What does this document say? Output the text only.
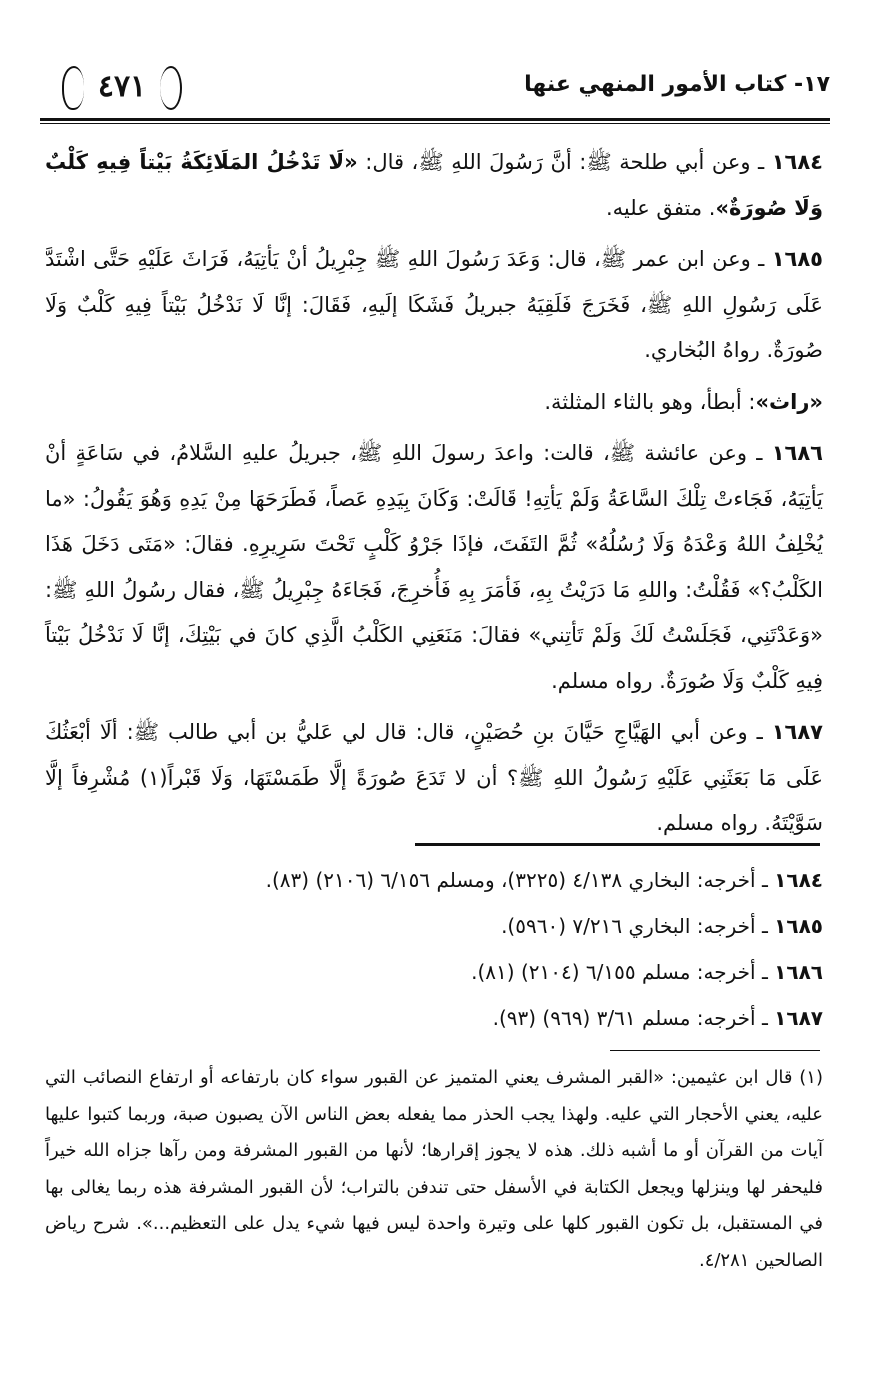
٤٧١	١٧- كتاب الأمور المنهي عنها

١٦٨٤ ـ وعن أبي طلحة ﷺ: أنَّ رَسُولَ اللهِ ﷺ، قال: «لَا تَدْخُلُ المَلَائِكَةُ بَيْتاً فِيهِ كَلْبٌ وَلَا صُورَةٌ». متفق عليه.

١٦٨٥ ـ وعن ابن عمر ﷺ، قال: وَعَدَ رَسُولَ اللهِ ﷺ جِبْرِيلُ أنْ يَأتِيَهُ، فَرَاثَ عَلَيْهِ حَتَّى اشْتَدَّ عَلَى رَسُولِ اللهِ ﷺ، فَخَرَجَ فَلَقِيَهُ جبريلُ فَشَكَا إلَيهِ، فَقَالَ: إنَّا لَا نَدْخُلُ بَيْتاً فِيهِ كَلْبٌ وَلَا صُورَةٌ. رواهُ البُخاري.

«راث»: أبطأ، وهو بالثاء المثلثة.

١٦٨٦ ـ وعن عائشة ﷺ، قالت: واعدَ رسولَ اللهِ ﷺ، جبريلُ عليهِ السَّلامُ، في سَاعَةٍ أنْ يَأتِيَهُ، فَجَاءتْ تِلْكَ السَّاعَةُ وَلَمْ يَأتِهِ! قَالَتْ: وَكَانَ بِيَدِهِ عَصاً، فَطَرَحَهَا مِنْ يَدِهِ وَهُوَ يَقُولُ: «ما يُخْلِفُ اللهُ وَعْدَهُ وَلَا رُسُلُهُ» ثُمَّ التَفَتَ، فإذَا جَرْوُ كَلْبٍ تَحْتَ سَرِيرِهِ. فقالَ: «مَتَى دَخَلَ هَذَا الكَلْبُ؟» فَقُلْتُ: واللهِ مَا دَرَيْتُ بِهِ، فَأمَرَ بِهِ فَأُخرِجَ، فَجَاءَهُ جِبْرِيلُ ﷺ، فقال رسُولُ اللهِ ﷺ: «وَعَدْتَنِي، فَجَلَسْتُ لَكَ وَلَمْ تَأتِني» فقالَ: مَنَعَنِي الكَلْبُ الَّذِي كانَ في بَيْتِكَ، إنَّا لَا نَدْخُلُ بَيْتاً فِيهِ كَلْبٌ وَلَا صُورَةٌ. رواه مسلم.

١٦٨٧ ـ وعن أبي الهَيَّاجِ حَيَّانَ بنِ حُصَيْنٍ، قال: قال لي عَليُّ بن أبي طالب ﷺ: ألَا أبْعَثُكَ عَلَى مَا بَعَثَنِي عَلَيْهِ رَسُولُ اللهِ ﷺ؟ أن لا تَدَعَ صُورَةً إلَّا طَمَسْتَهَا، وَلَا قَبْراً(١) مُشْرِفاً إلَّا سَوَّيْتَهُ. رواه مسلم.

١٦٨٤ ـ أخرجه: البخاري ٤/١٣٨ (٣٢٢٥)، ومسلم ٦/١٥٦ (٢١٠٦) (٨٣).

١٦٨٥ ـ أخرجه: البخاري ٧/٢١٦ (٥٩٦٠).

١٦٨٦ ـ أخرجه: مسلم ٦/١٥٥ (٢١٠٤) (٨١).

١٦٨٧ ـ أخرجه: مسلم ٣/٦١ (٩٦٩) (٩٣).

(١) قال ابن عثيمين: «القبر المشرف يعني المتميز عن القبور سواء كان بارتفاعه أو ارتفاع النصائب التي عليه، يعني الأحجار التي عليه. ولهذا يجب الحذر مما يفعله بعض الناس الآن يصبون صبة، وربما كتبوا عليها آيات من القرآن أو ما أشبه ذلك. هذه لا يجوز إقرارها؛ لأنها من القبور المشرفة ومن رآها جزاه الله خيراً فليحفر لها وينزلها ويجعل الكتابة في الأسفل حتى تندفن بالتراب؛ لأن القبور المشرفة هذه ربما يغالى بها في المستقبل، بل تكون القبور كلها على وتيرة واحدة ليس فيها شيء يدل على التعظيم...». شرح رياض الصالحين ٤/٢٨١.
